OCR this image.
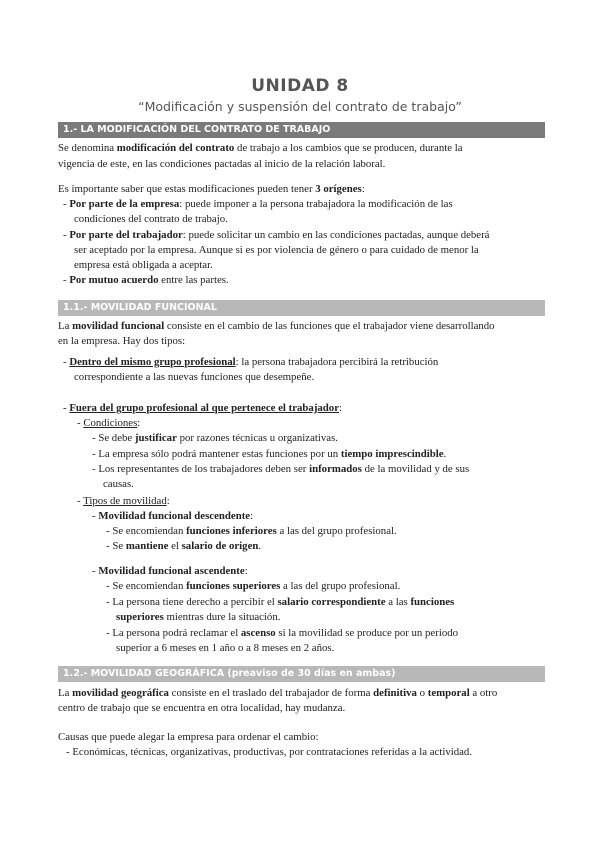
UNIDAD 8
“Modificación y suspensión del contrato de trabajo”
1.- LA MODIFICACIÓN DEL CONTRATO DE TRABAJO
Se denomina modificación del contrato de trabajo a los cambios que se producen, durante la
vigencia de este, en las condiciones pactadas al inicio de la relación laboral.
Es importante saber que estas modificaciones pueden tener 3 orígenes:
- Por parte de la empresa: puede imponer a la persona trabajadora la modificación de las
condiciones del contrato de trabajo.
- Por parte del trabajador: puede solicitar un cambio en las condiciones pactadas, aunque deberá
ser aceptado por la empresa. Aunque si es por violencia de género o para cuidado de menor la
empresa está obligada a aceptar.
- Por mutuo acuerdo entre las partes.
1.1.- MOVILIDAD FUNCIONAL
La movilidad funcional consiste en el cambio de las funciones que el trabajador viene desarrollando
en la empresa. Hay dos tipos:
- Dentro del mismo grupo profesional: la persona trabajadora percibirá la retribución
correspondiente a las nuevas funciones que desempeñe.
- Fuera del grupo profesional al que pertenece el trabajador:
- Condiciones:
- Se debe justificar por razones técnicas u organizativas.
- La empresa sólo podrá mantener estas funciones por un tiempo imprescindible.
- Los representantes de los trabajadores deben ser informados de la movilidad y de sus
causas.
- Tipos de movilidad:
- Movilidad funcional descendente:
- Se encomiendan funciones inferiores a las del grupo profesional.
- Se mantiene el salario de origen.
- Movilidad funcional ascendente:
- Se encomiendan funciones superiores a las del grupo profesional.
- La persona tiene derecho a percibir el salario correspondiente a las funciones
superiores mientras dure la situación.
- La persona podrá reclamar el ascenso si la movilidad se produce por un periodo
superior a 6 meses en 1 año o a 8 meses en 2 años.
1.2.- MOVILIDAD GEOGRÁFICA (preaviso de 30 días en ambas)
La movilidad geográfica consiste en el traslado del trabajador de forma definitiva o temporal a otro
centro de trabajo que se encuentra en otra localidad, hay mudanza.
Causas que puede alegar la empresa para ordenar el cambio:
- Económicas, técnicas, organizativas, productivas, por contrataciones referidas a la actividad.
